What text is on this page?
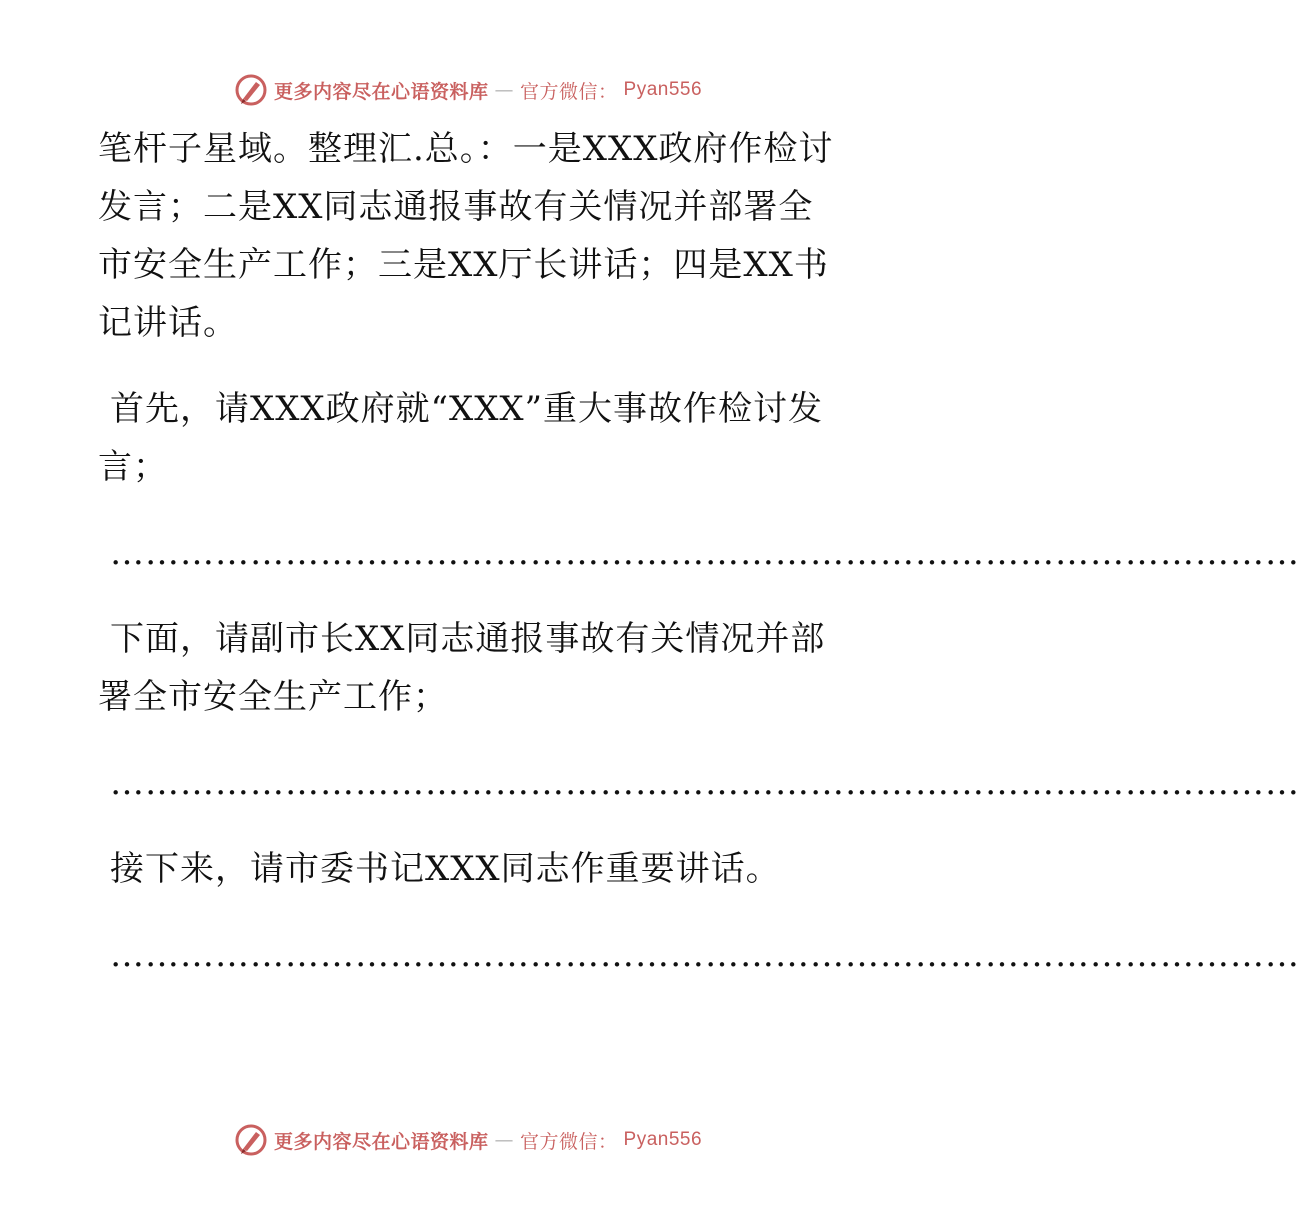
更多内容尽在心语资料库 — 官方微信： Pyan556

笔杆子星域。整理汇.总。：一是XXX政府作检讨发言；二是XX同志通报事故有关情况并部署全市安全生产工作；三是XX厅长讲话；四是XX书记讲话。

首先，请XXX政府就“XXX”重大事故作检讨发言；

…………………………………………………………………………………………

下面，请副市长XX同志通报事故有关情况并部署全市安全生产工作；

…………………………………………………………………………………………

接下来，请市委书记XXX同志作重要讲话。

…………………………………………………………………………………………

更多内容尽在心语资料库 — 官方微信： Pyan556
